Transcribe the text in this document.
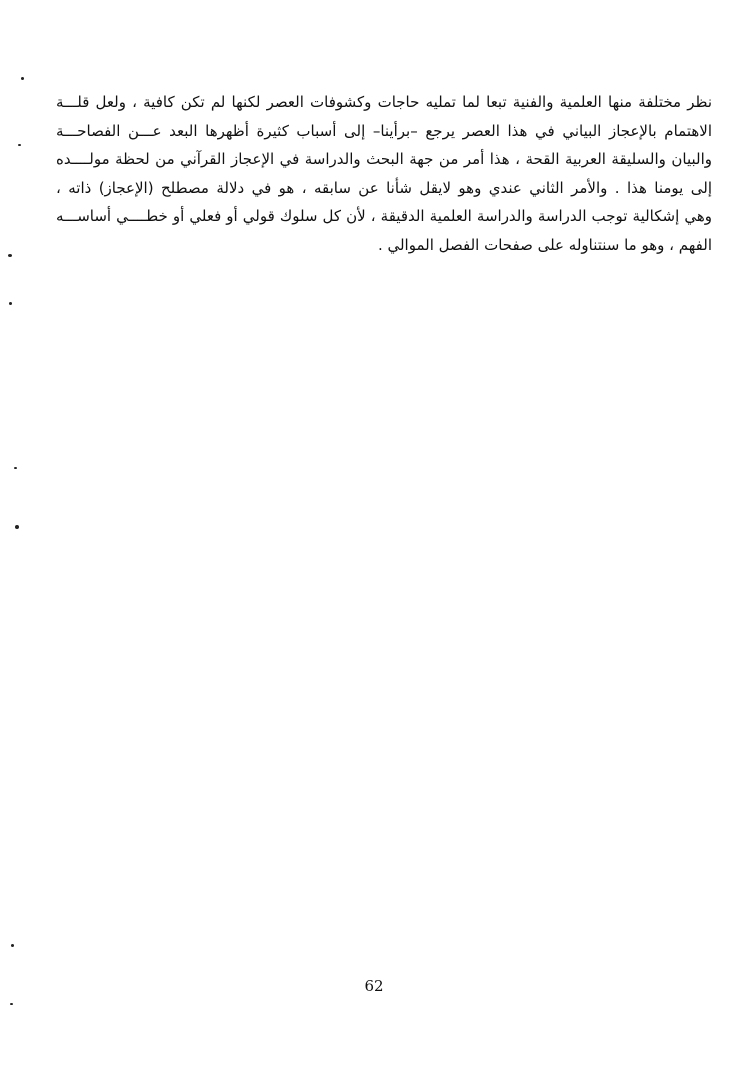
نظر مختلفة منها العلمية والفنية تبعا لما تمليه حاجات وكشوفات العصر لكنها لم تكن كافية ، ولعل قلـــة
الاهتمام بالإعجاز البياني في هذا العصر يرجع –برأينا– إلى أسباب كثيرة أظهرها البعد عـــن الفصاحـــة
والبيان والسليقة العربية القحة ، هذا أمر من جهة البحث والدراسة في الإعجاز القرآني من لحظة مولــــده
إلى يومنا هذا . والأمر الثاني عندي وهو لايقل شأنا عن سابقه ، هو في دلالة مصطلح (الإعجاز) ذاته ،
وهي إشكالية توجب الدراسة والدراسة العلمية الدقيقة ، لأن كل سلوك قولي أو فعلي أو خطــــي أساســـه
الفهم ، وهو ما سنتناوله على صفحات الفصل الموالي .
62
